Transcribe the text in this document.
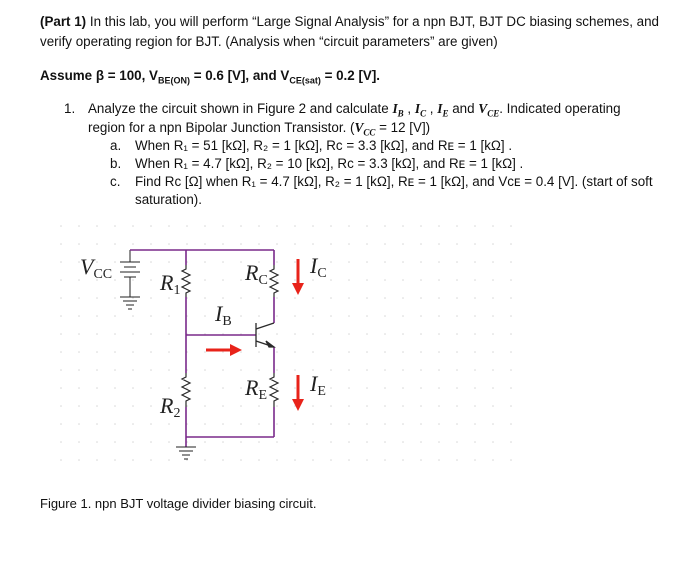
(Part 1) In this lab, you will perform “Large Signal Analysis” for a npn BJT, BJT DC biasing schemes, and
verify operating region for BJT. (Analysis when “circuit parameters” are given)
Assume β = 100, $V_{BE(ON)} = 0.6$ [V], and $V_{CE(sat)} = 0.2$ [V].
1. Analyze the circuit shown in Figure 2 and calculate $I_B$ , $I_C$ , $I_E$ and $V_{CE}$. Indicated operating
region for a npn Bipolar Junction Transistor. ($V_{CC} = 12$ [V])
a. When R₁ = 51 [kΩ], R₂ = 1 [kΩ], Rᴄ = 3.3 [kΩ], and Rᴇ = 1 [kΩ] .
b. When R₁ = 4.7 [kΩ], R₂ = 10 [kΩ], Rᴄ = 3.3 [kΩ], and Rᴇ = 1 [kΩ] .
c. Find Rᴄ [Ω] when R₁ = 4.7 [kΩ], R₂ = 1 [kΩ], Rᴇ = 1 [kΩ], and Vᴄᴇ = 0.4 [V]. (start of soft
saturation).
VCC R1
R2
RC
RE
IB
IC
IE
Figure 1. npn BJT voltage divider biasing circuit.
